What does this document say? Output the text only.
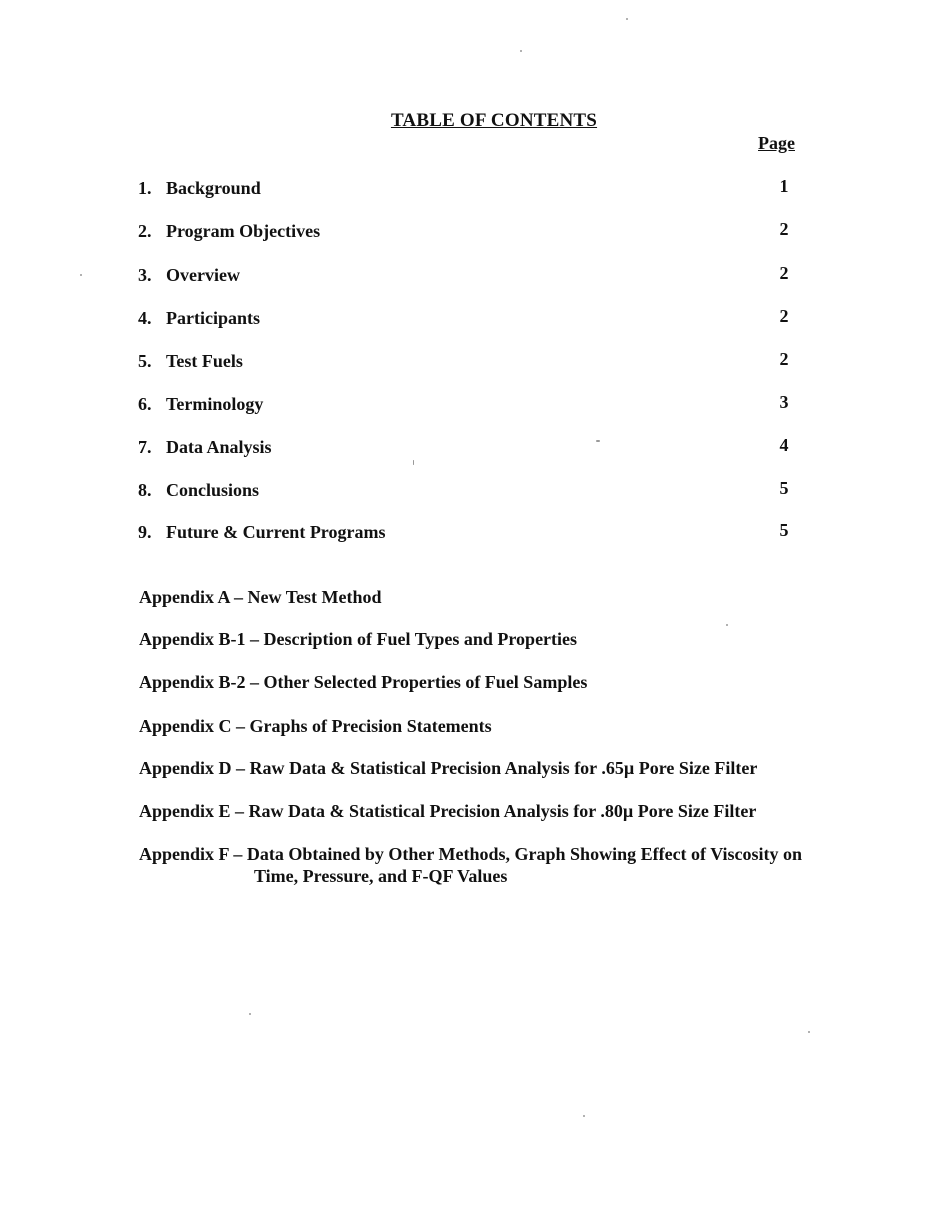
TABLE OF CONTENTS
Page
1. Background	1
2. Program Objectives	2
3. Overview	2
4. Participants	2
5. Test Fuels	2
6. Terminology	3
7. Data Analysis	4
8. Conclusions	5
9. Future & Current Programs	5
Appendix A – New Test Method
Appendix B-1 – Description of Fuel Types and Properties
Appendix B-2 – Other Selected Properties of Fuel Samples
Appendix C – Graphs of Precision Statements
Appendix D – Raw Data & Statistical Precision Analysis for .65µ Pore Size Filter
Appendix E – Raw Data & Statistical Precision Analysis for .80µ Pore Size Filter
Appendix F – Data Obtained by Other Methods, Graph Showing Effect of Viscosity on
Time, Pressure, and F-QF Values
